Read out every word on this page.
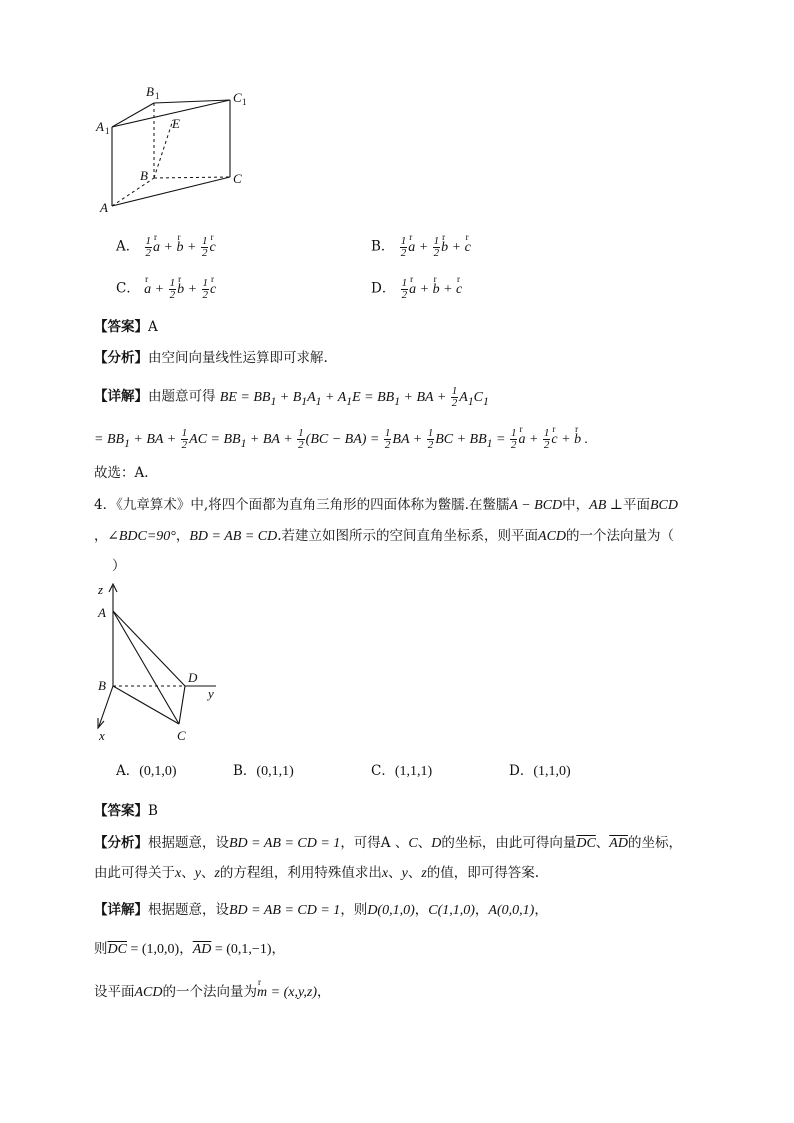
B 1	C 1
A 1	E
B	C
A
A． $\frac{1}{2}$ r a + r $b + \frac{1}{2}$ r c	B． $\frac{1}{2}$ r $a + \frac{1}{2}$ r b + r c
C． r $a + \frac{1}{2}$ r $b + \frac{1}{2}$ r c	D． $\frac{1}{2}$ r a + r b + r c
【答案】A
【分析】由空间向量线性运算即可求解.
【详解】由题意可得 BE = $BB_1 + B_1A_1 + A_1E = BB_1$ + BA + $\frac{1}{2} A_1C_1$
= $BB_1$ + BA + $\frac{1}{2}$ AC = $BB_1$ + BA + $\frac{1}{2} (BC - BA) = \frac{1}{2}$ BA + $\frac{1}{2}$ BC + $BB_1 = \frac{1}{2}$ r $a + \frac{1}{2}$ r c + r b .
故选：A.
4．《九章算术》中,将四个面都为直角三角形的四面体称为鳖臑.在鳖臑A − BCD中，AB ⊥平面BCD
，∠BDC=90°，BD = AB = CD.若建立如图所示的空间直角坐标系，则平面ACD的一个法向量为（
）
z
A
B
D
y
x	C
A．(0,1,0)	B．(0,1,1)	C．(1,1,1)	D．(1,1,0)
【答案】B
【分析】根据题意，设BD = AB = CD = 1，可得A 、C、D的坐标，由此可得向量$\overline{DC}$、$\overline{AD}$的坐标，
由此可得关于x、y、z的方程组，利用特殊值求出x、y、z的值，即可得答案.
【详解】根据题意，设BD = AB = CD = 1，则D(0,1,0)，C(1,1,0)，A(0,0,1)，
则$\overline{DC} = (1,0,0)$，$\overline{AD} = (0,1,-1)$，
设平面ACD的一个法向量为r m = (x,y,z)，
